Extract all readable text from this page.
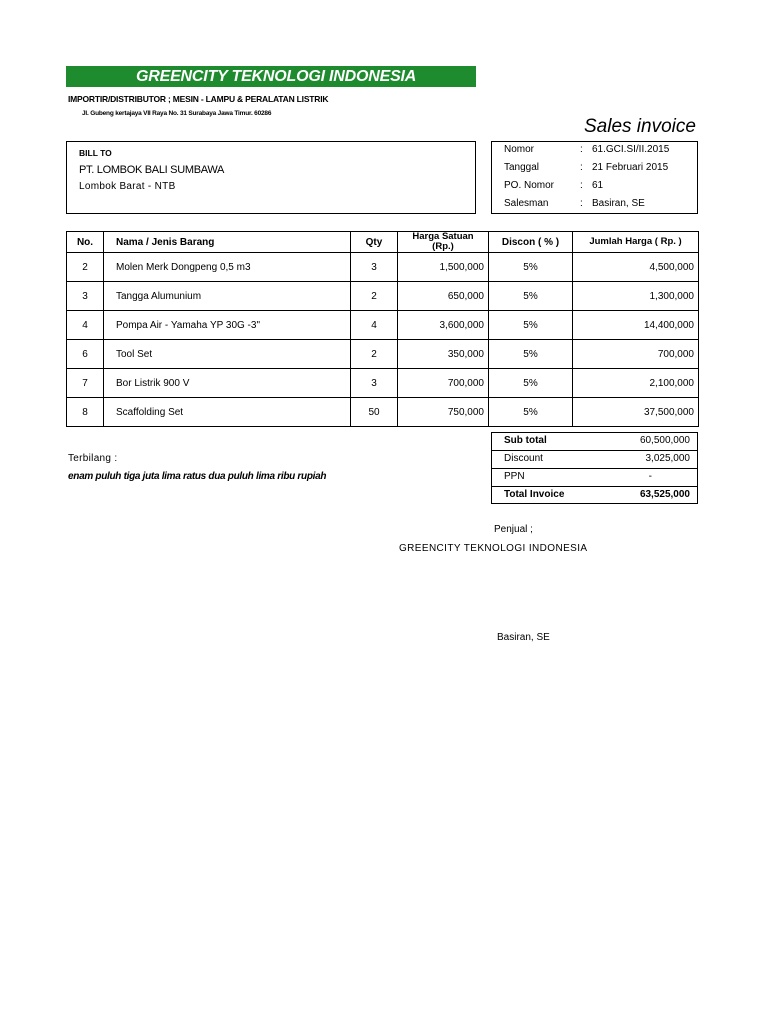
GREENCITY TEKNOLOGI INDONESIA
IMPORTIR/DISTRIBUTOR ; MESIN - LAMPU & PERALATAN LISTRIK
Jl. Gubeng kertajaya VII Raya No. 31 Surabaya Jawa Timur. 60286
Sales invoice
BILL TO
PT. LOMBOK BALI SUMBAWA
Lombok Barat - NTB
Nomor	: 61.GCI.SI/II.2015
Tanggal	: 21 Februari 2015
PO. Nomor	: 61
Salesman	: Basiran, SE
No.	Nama / Jenis Barang	Qty	Harga Satuan (Rp.)	Discon ( % )	Jumlah Harga ( Rp. )
2	Molen Merk Dongpeng 0,5 m3	3	1,500,000	5%	4,500,000
3	Tangga Alumunium	2	650,000	5%	1,300,000
4	Pompa Air - Yamaha YP 30G -3"	4	3,600,000	5%	14,400,000
6	Tool Set	2	350,000	5%	700,000
7	Bor Listrik 900 V	3	700,000	5%	2,100,000
8	Scaffolding Set	50	750,000	5%	37,500,000
Sub total	60,500,000
Discount	3,025,000
PPN	-
Total Invoice	63,525,000
Terbilang :
enam puluh tiga juta lima ratus dua puluh lima ribu rupiah
Penjual ;
GREENCITY TEKNOLOGI INDONESIA
Basiran, SE
